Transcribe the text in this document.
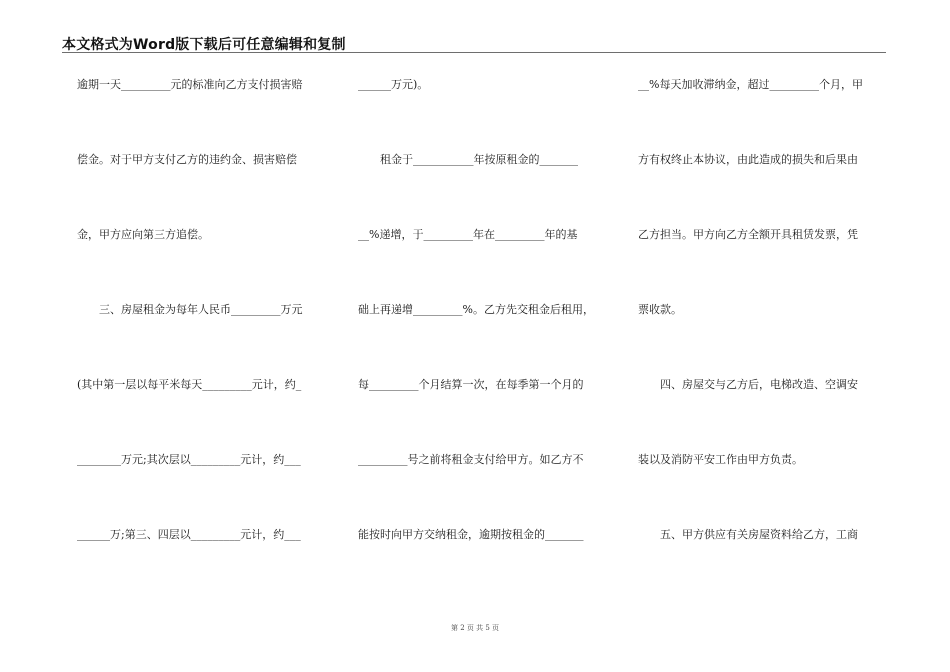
本文格式为Word版下载后可任意编辑和复制
逾期一天_________元的标准向乙方支付损害赔
偿金。对于甲方支付乙方的违约金、损害赔偿
金，甲方应向第三方追偿。
　　三、房屋租金为每年人民币_________万元
(其中第一层以每平米每天_________元计，约_
________万元;其次层以_________元计，约___
______万;第三、四层以_________元计，约___
______万元)。
　　租金于___________年按原租金的_______
__%递增，于_________年在_________年的基
础上再递增_________%。乙方先交租金后租用，
每_________个月结算一次，在每季第一个月的
_________号之前将租金支付给甲方。如乙方不
能按时向甲方交纳租金，逾期按租金的_______
__%每天加收滞纳金，超过_________个月，甲
方有权终止本协议，由此造成的损失和后果由
乙方担当。甲方向乙方全额开具租赁发票，凭
票收款。
　　四、房屋交与乙方后，电梯改造、空调安
装以及消防平安工作由甲方负责。
　　五、甲方供应有关房屋资料给乙方，工商
第 2 页 共 5 页
